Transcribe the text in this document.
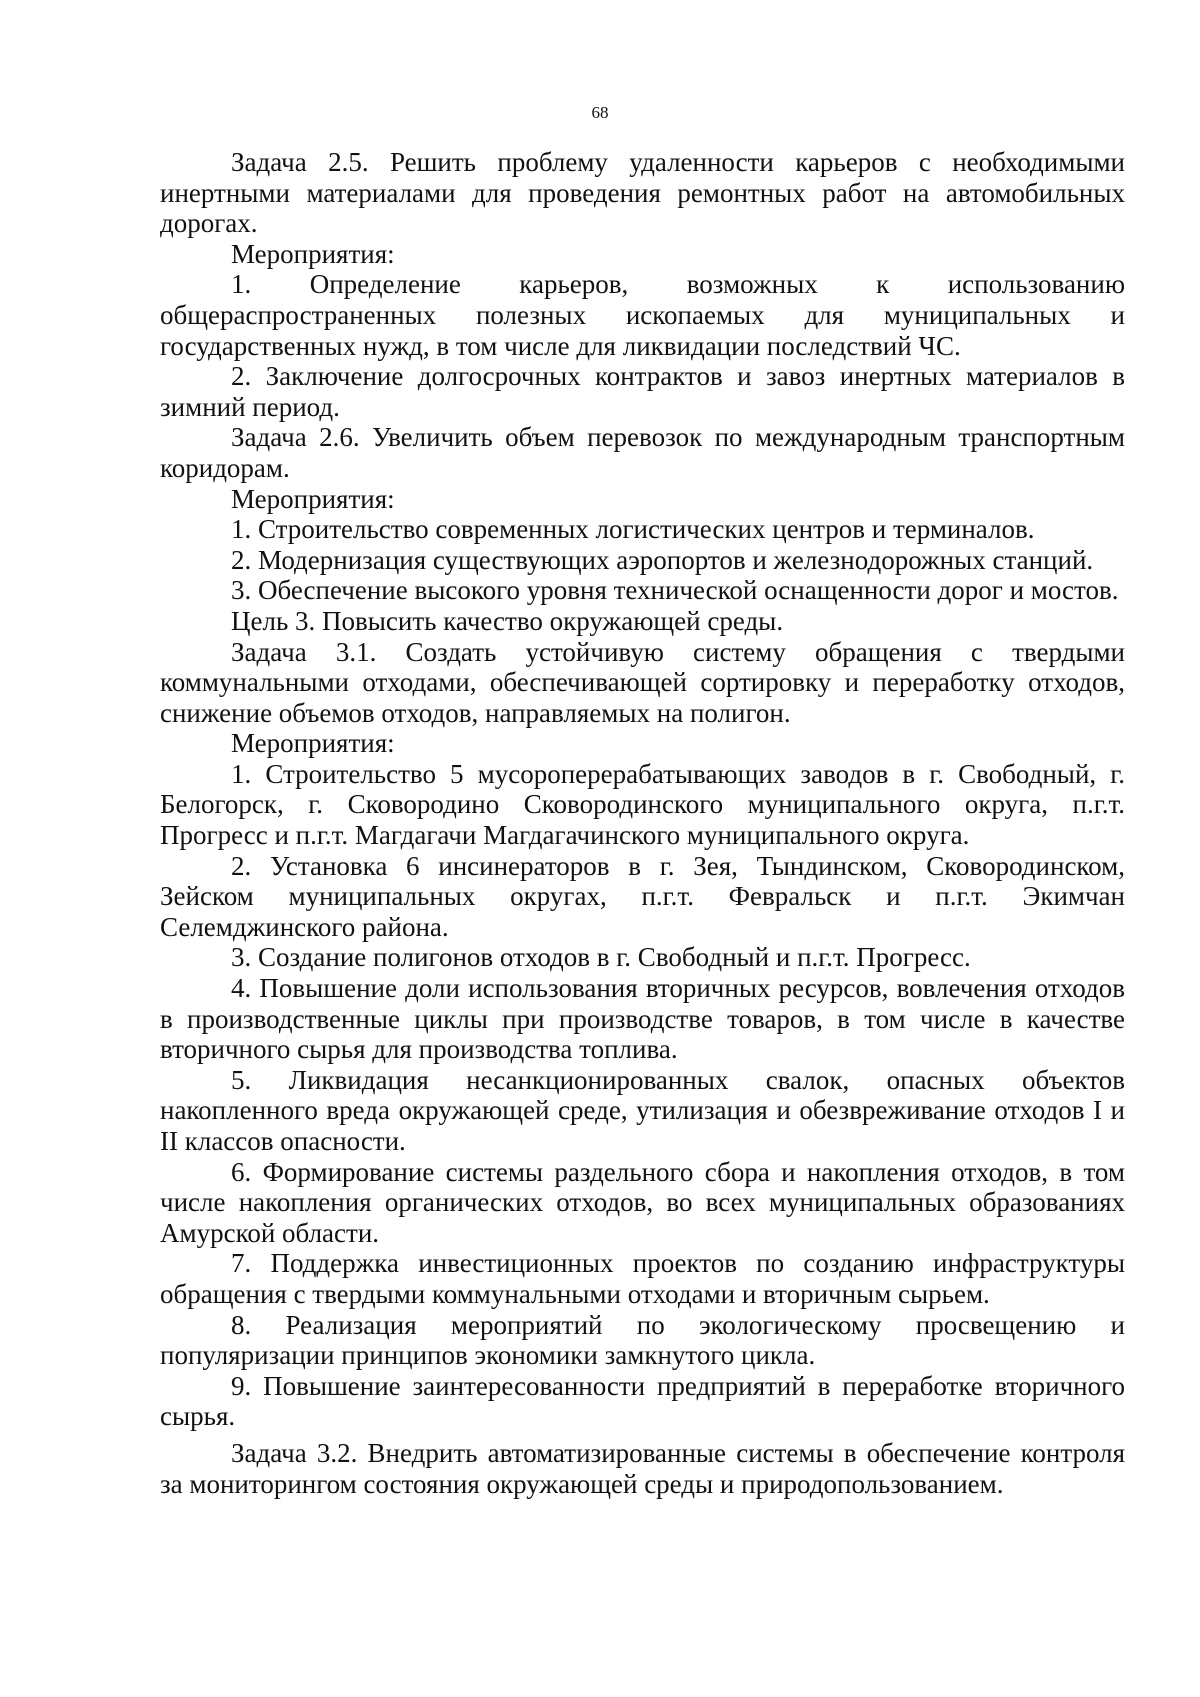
68

Задача 2.5. Решить проблему удаленности карьеров с необходимыми инертными материалами для проведения ремонтных работ на автомобильных дорогах.

Мероприятия:

1. Определение карьеров, возможных к использованию общераспространенных полезных ископаемых для муниципальных и государственных нужд, в том числе для ликвидации последствий ЧС.

2. Заключение долгосрочных контрактов и завоз инертных материалов в зимний период.

Задача 2.6. Увеличить объем перевозок по международным транспортным коридорам.

Мероприятия:

1. Строительство современных логистических центров и терминалов.

2. Модернизация существующих аэропортов и железнодорожных станций.

3. Обеспечение высокого уровня технической оснащенности дорог и мостов.

Цель 3. Повысить качество окружающей среды.

Задача 3.1. Создать устойчивую систему обращения с твердыми коммунальными отходами, обеспечивающей сортировку и переработку отходов, снижение объемов отходов, направляемых на полигон.

Мероприятия:

1. Строительство 5 мусороперерабатывающих заводов в г. Свободный, г. Белогорск, г. Сковородино Сковородинского муниципального округа, п.г.т. Прогресс и п.г.т. Магдагачи Магдагачинского муниципального округа.

2. Установка 6 инсинераторов в г. Зея, Тындинском, Сковородинском, Зейском муниципальных округах, п.г.т. Февральск и п.г.т. Экимчан Селемджинского района.

3. Создание полигонов отходов в г. Свободный и п.г.т. Прогресс.

4. Повышение доли использования вторичных ресурсов, вовлечения отходов в производственные циклы при производстве товаров, в том числе в качестве вторичного сырья для производства топлива.

5. Ликвидация несанкционированных свалок, опасных объектов накопленного вреда окружающей среде, утилизация и обезвреживание отходов I и II классов опасности.

6. Формирование системы раздельного сбора и накопления отходов, в том числе накопления органических отходов, во всех муниципальных образованиях Амурской области.

7. Поддержка инвестиционных проектов по созданию инфраструктуры обращения с твердыми коммунальными отходами и вторичным сырьем.

8. Реализация мероприятий по экологическому просвещению и популяризации принципов экономики замкнутого цикла.

9. Повышение заинтересованности предприятий в переработке вторичного сырья.

Задача 3.2. Внедрить автоматизированные системы в обеспечение контроля за мониторингом состояния окружающей среды и природопользованием.
